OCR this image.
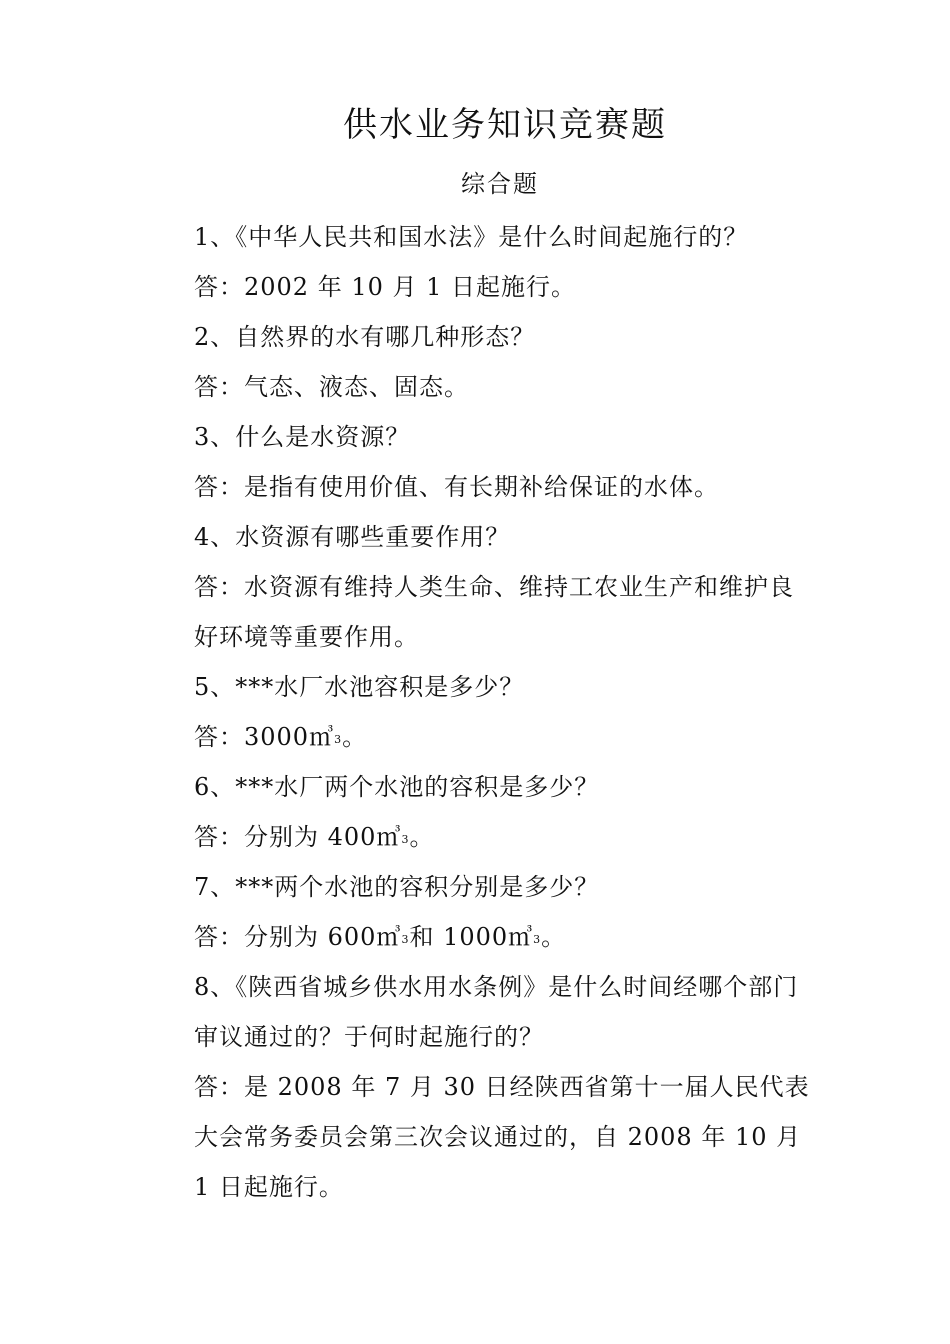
供水业务知识竞赛题
综合题
1、《中华人民共和国水法》是什么时间起施行的？
答：2002 年 10 月 1 日起施行。
2、自然界的水有哪几种形态？
答：气态、液态、固态。
3、什么是水资源？
答：是指有使用价值、有长期补给保证的水体。
4、水资源有哪些重要作用？
答：水资源有维持人类生命、维持工农业生产和维护良好环境等重要作用。
5、***水厂水池容积是多少？
答：3000㎥$^3$。
6、***水厂两个水池的容积是多少？
答：分别为 400㎥$^3$。
7、***两个水池的容积分别是多少？
答：分别为 600㎥$^3$和 1000㎥$^3$。
8、《陕西省城乡供水用水条例》是什么时间经哪个部门审议通过的？于何时起施行的？
答：是 2008 年 7 月 30 日经陕西省第十一届人民代表大会常务委员会第三次会议通过的，自 2008 年 10 月 1 日起施行。
